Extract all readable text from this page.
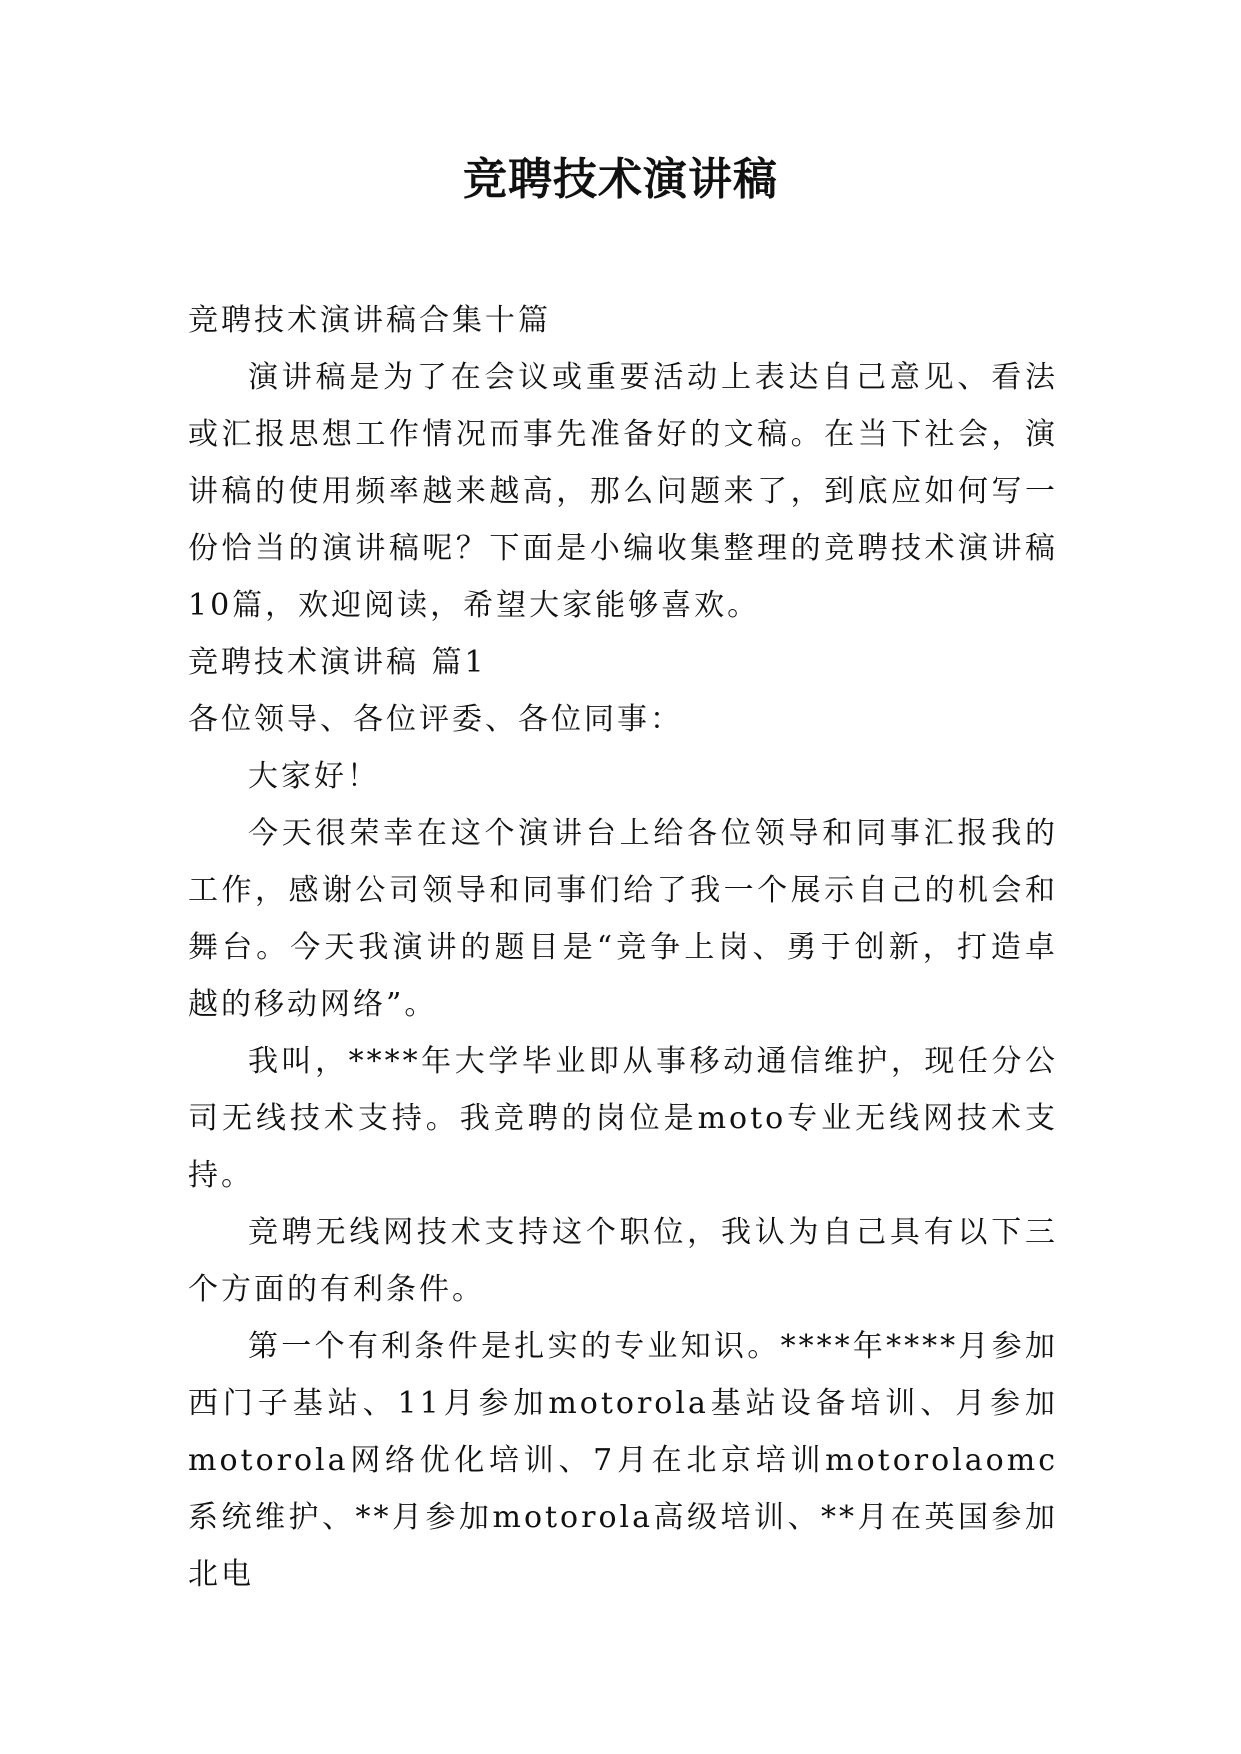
竞聘技术演讲稿

竞聘技术演讲稿合集十篇

演讲稿是为了在会议或重要活动上表达自己意见、看法或汇报思想工作情况而事先准备好的文稿。在当下社会，演讲稿的使用频率越来越高，那么问题来了，到底应如何写一份恰当的演讲稿呢？下面是小编收集整理的竞聘技术演讲稿10篇，欢迎阅读，希望大家能够喜欢。

竞聘技术演讲稿 篇1

各位领导、各位评委、各位同事：

大家好！

今天很荣幸在这个演讲台上给各位领导和同事汇报我的工作，感谢公司领导和同事们给了我一个展示自己的机会和舞台。今天我演讲的题目是“竞争上岗、勇于创新，打造卓越的移动网络”。

我叫，****年大学毕业即从事移动通信维护，现任分公司无线技术支持。我竞聘的岗位是moto专业无线网技术支持。

竞聘无线网技术支持这个职位，我认为自己具有以下三个方面的有利条件。

第一个有利条件是扎实的专业知识。****年****月参加西门子基站、11月参加motorola基站设备培训、月参加motorola网络优化培训、7月在北京培训motorolaomc系统维护、**月参加motorola高级培训、**月在英国参加北电
